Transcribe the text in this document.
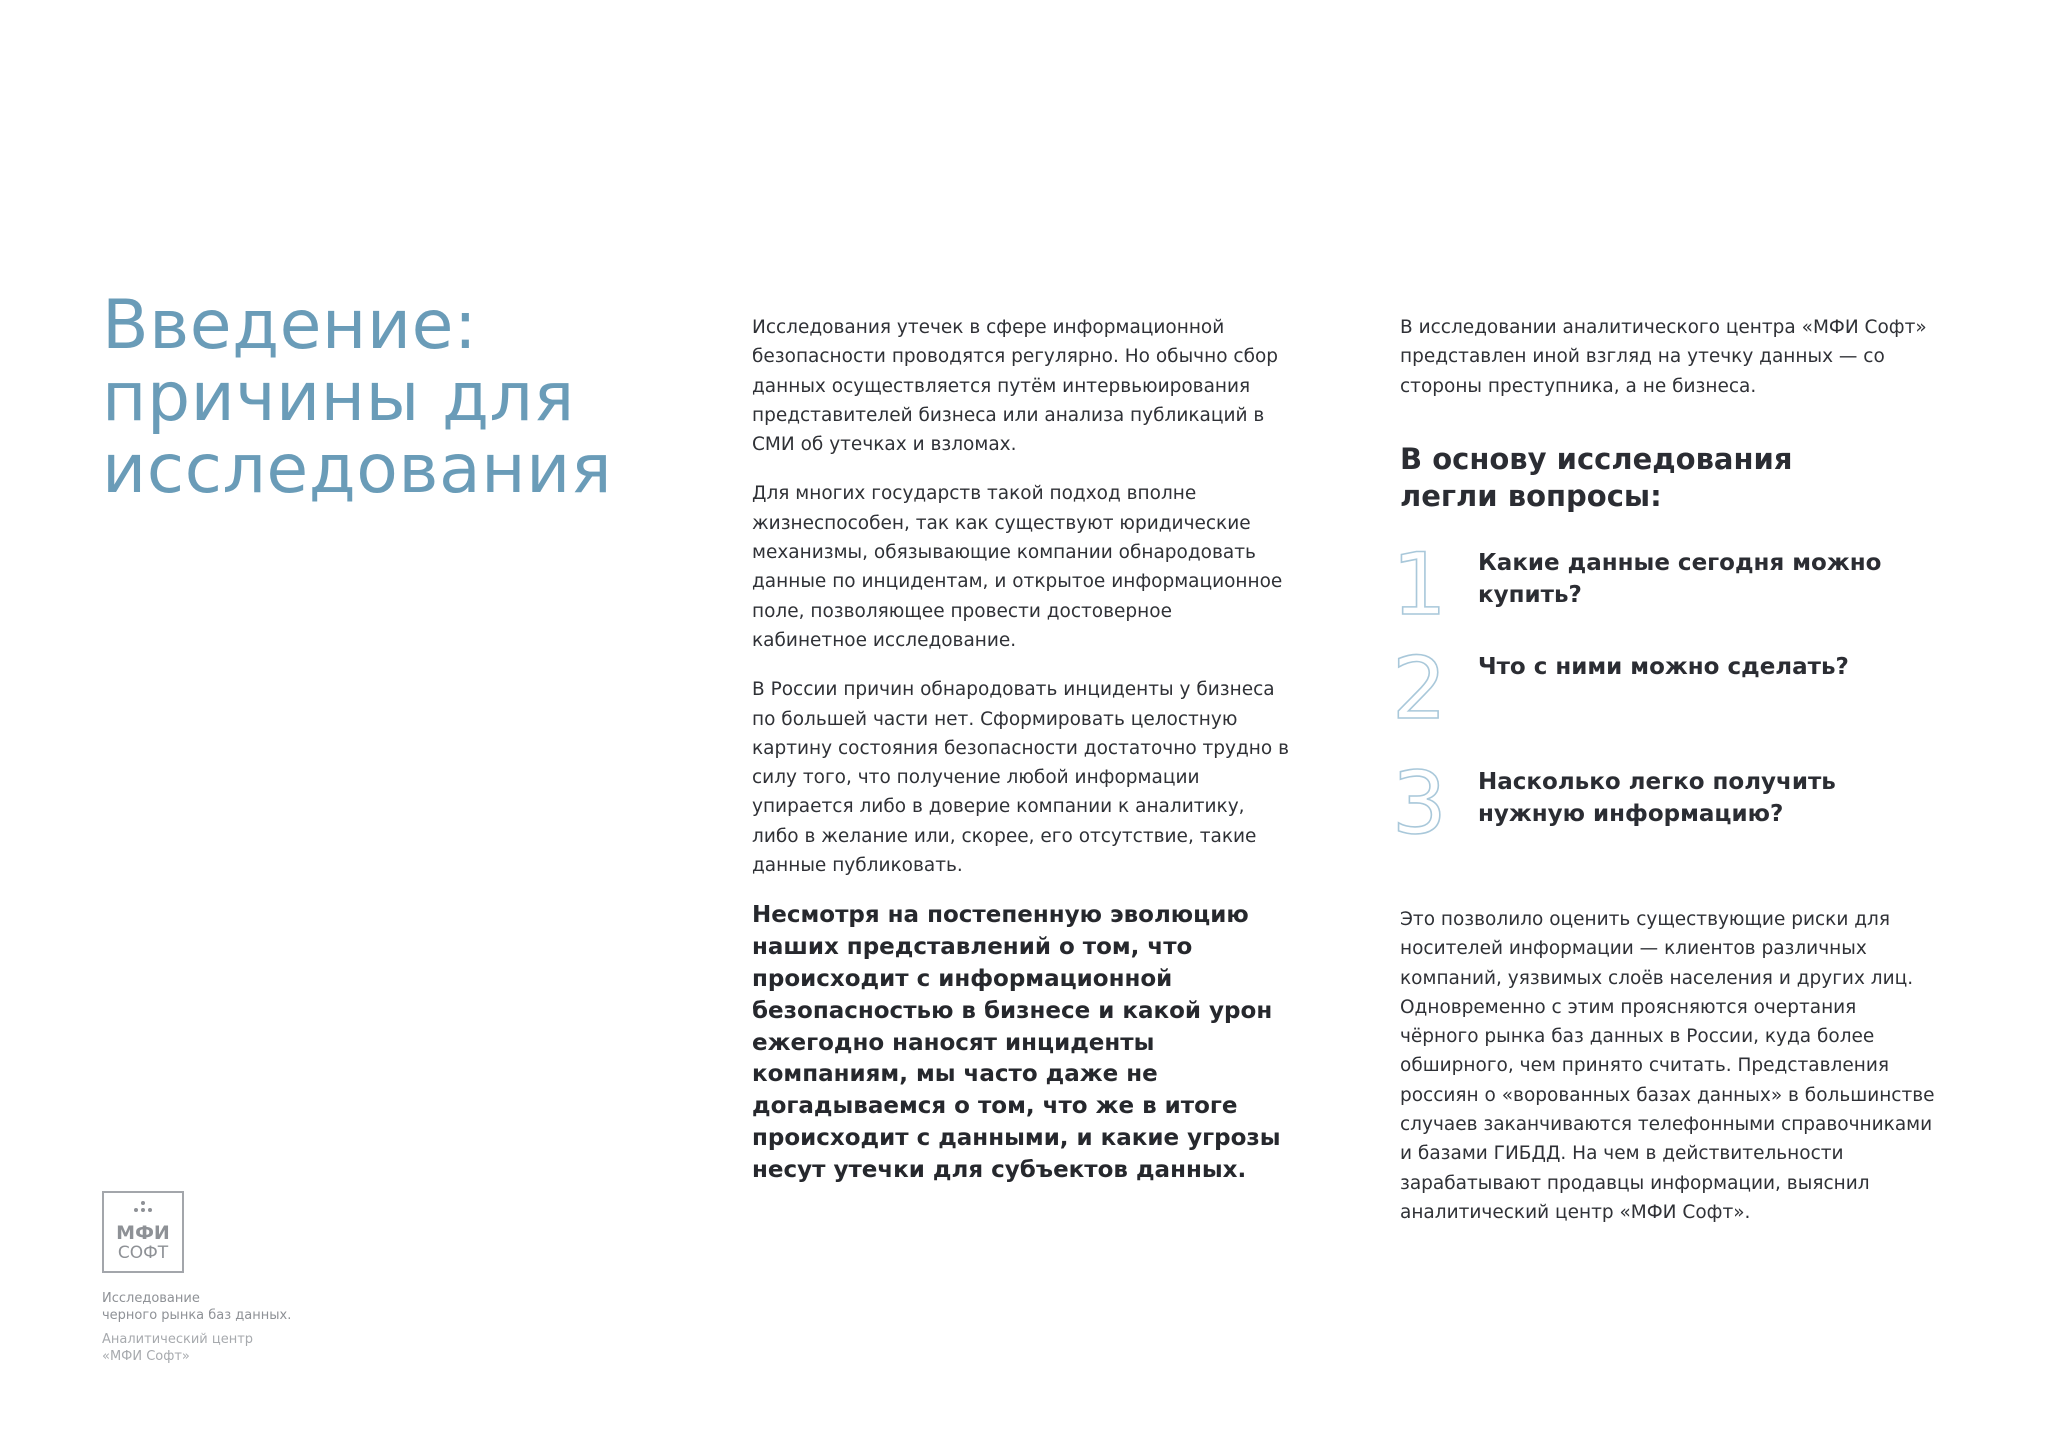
Введение: причины для исследования

Исследования утечек в сфере информационной безопасности проводятся регулярно. Но обычно сбор данных осуществляется путём интервьюирования представителей бизнеса или анализа публикаций в СМИ об утечках и взломах.

Для многих государств такой подход вполне жизнеспособен, так как существуют юридические механизмы, обязывающие компании обнародовать данные по инцидентам, и открытое информационное поле, позволяющее провести достоверное кабинетное исследование.

В России причин обнародовать инциденты у бизнеса по большей части нет. Сформировать целостную картину состояния безопасности достаточно трудно в силу того, что получение любой информации упирается либо в доверие компании к аналитику, либо в желание или, скорее, его отсутствие, такие данные публиковать.

Несмотря на постепенную эволюцию наших представлений о том, что происходит с информационной безопасностью в бизнесе и какой урон ежегодно наносят инциденты компаниям, мы часто даже не догадываемся о том, что же в итоге происходит с данными, и какие угрозы несут утечки для субъектов данных.

В исследовании аналитического центра «МФИ Софт» представлен иной взгляд на утечку данных — со стороны преступника, а не бизнеса.

В основу исследования легли вопросы:
1	Какие данные сегодня можно купить?
2	Что с ними можно сделать?
3	Насколько легко получить нужную информацию?
Это позволило оценить существующие риски для носителей информации — клиентов различных компаний, уязвимых слоёв населения и других лиц. Одновременно с этим проясняются очертания чёрного рынка баз данных в России, куда более обширного, чем принято считать. Представления россиян о «ворованных базах данных» в большинстве случаев заканчиваются телефонными справочниками и базами ГИБДД. На чем в действительности зарабатывают продавцы информации, выяснил аналитический центр «МФИ Софт».
МФИ
СОФТ

Исследование
черного рынка баз данных.

Аналитический центр
«МФИ Софт»
